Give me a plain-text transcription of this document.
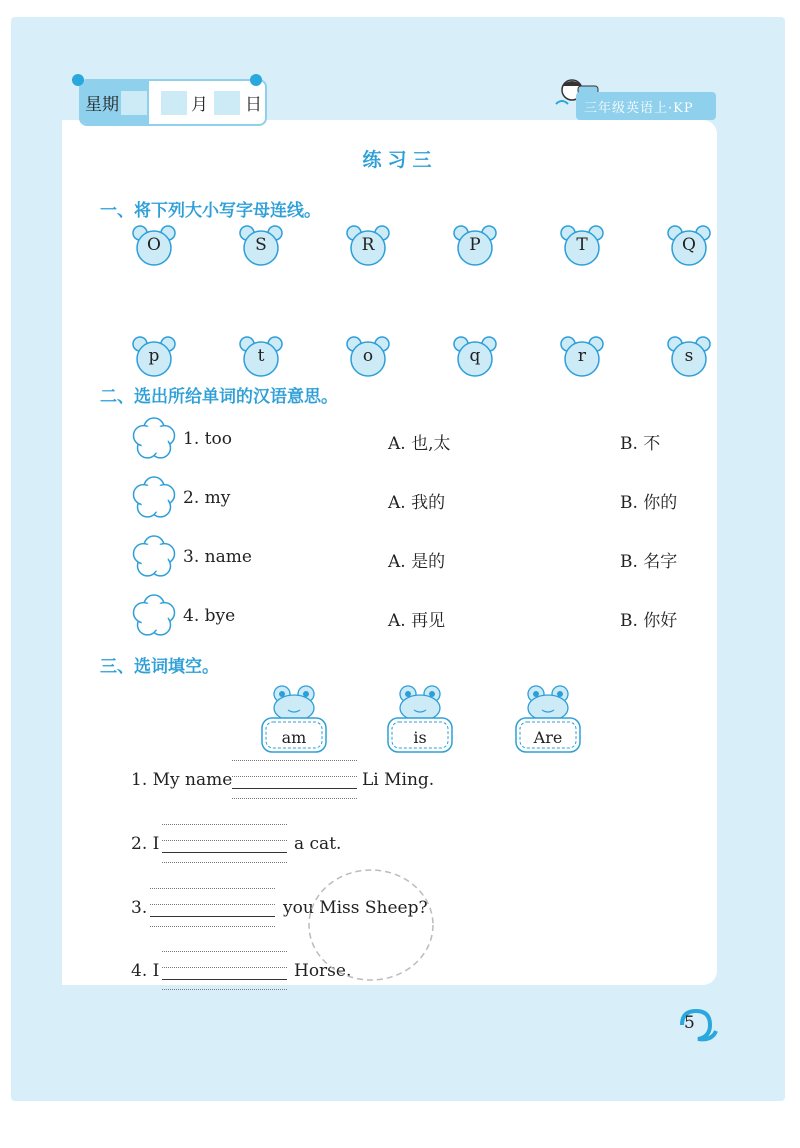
星期	月 日	三年级英语上·KP
练习三
一、将下列大小写字母连线。
O	S	R	P	T	Q
p	t	o	q	r	s
二、选出所给单词的汉语意思。
1. too	A. 也,太	B. 不
2. my	A. 我的	B. 你的
3. name	A. 是的	B. 名字
4. bye	A. 再见	B. 你好
三、选词填空。
am	is	Are
1. My name	Li Ming.
2. I	a cat.
3.	you Miss Sheep?
4. I	Horse.
5
